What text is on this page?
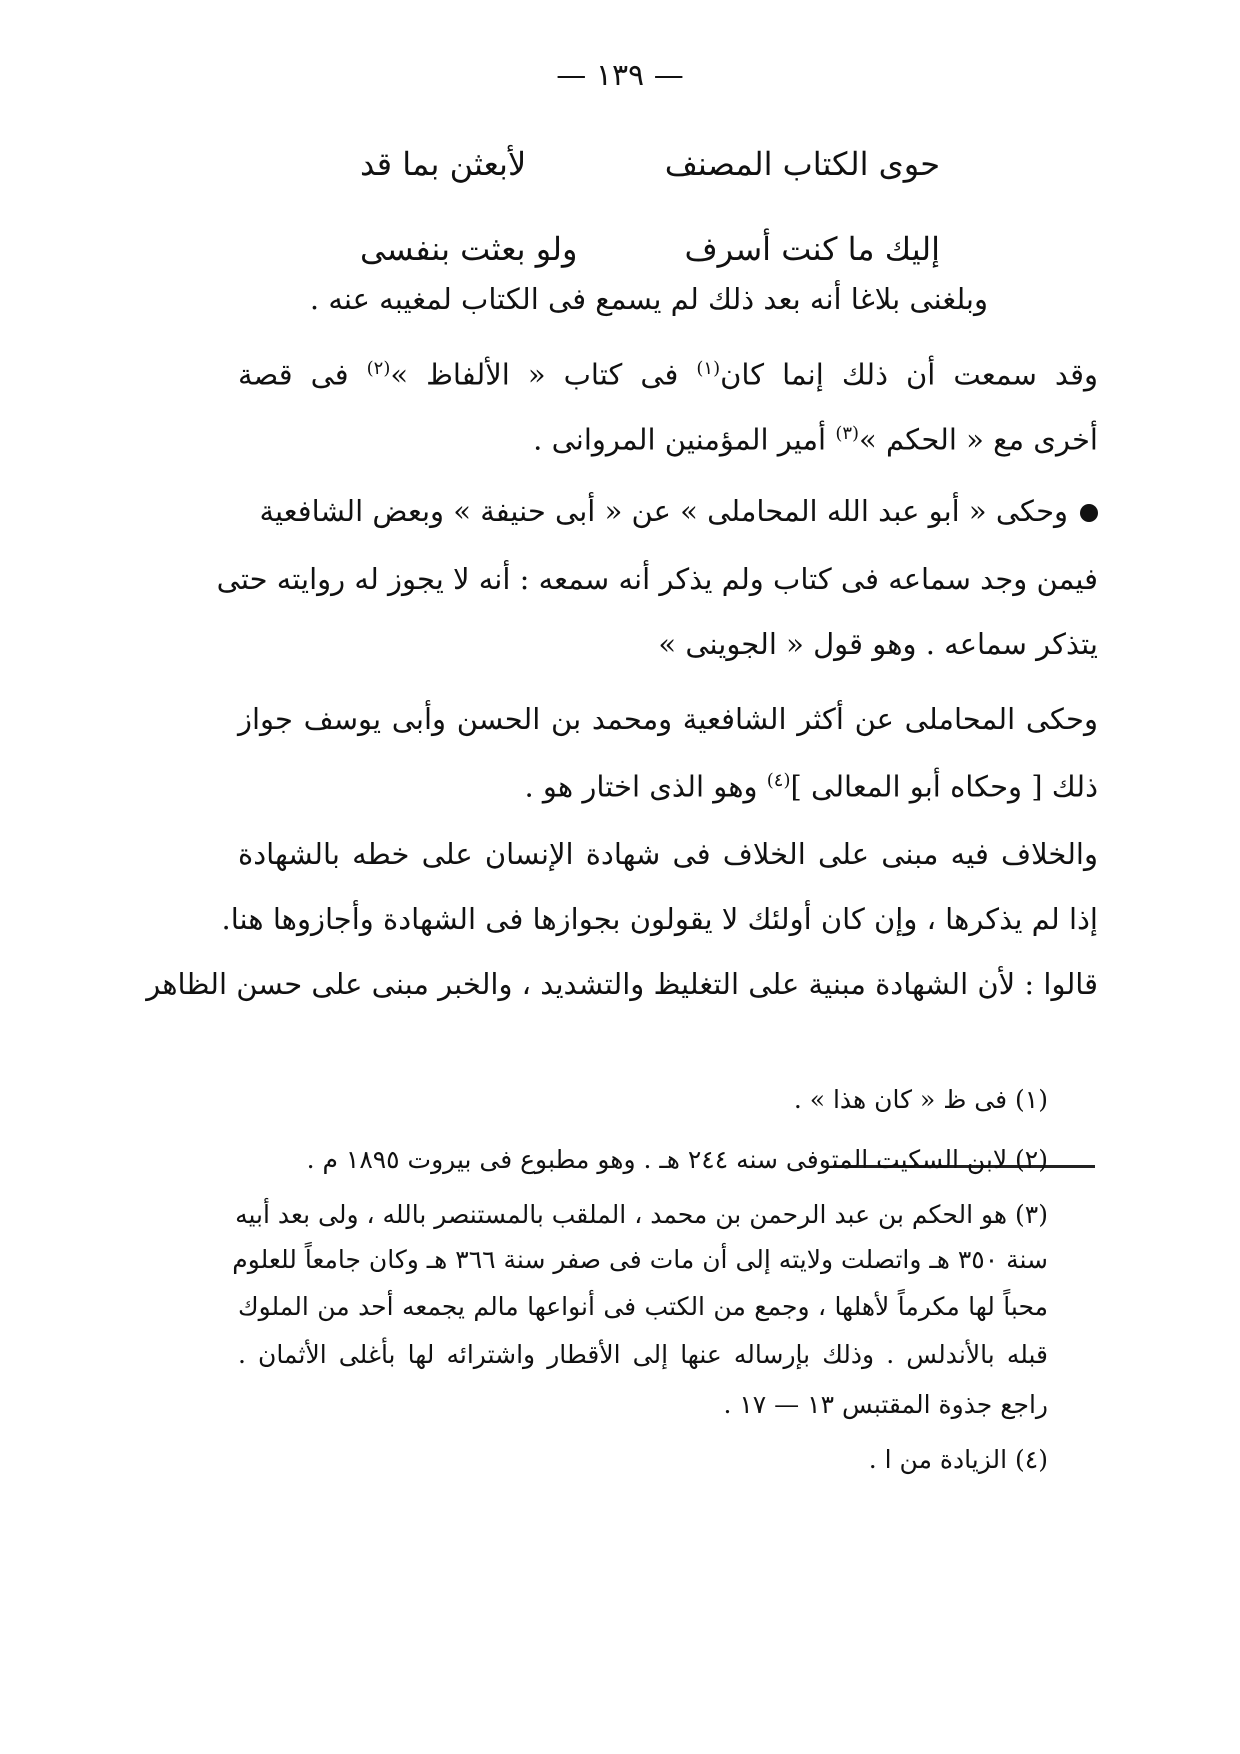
— ١٣٩ —
لأبعثن بما قد	حوى الكتاب المصنف
ولو بعثت بنفسى	إليك ما كنت أسرف
وبلغنى بلاغا أنه بعد ذلك لم يسمع فى الكتاب لمغيبه عنه .
وقد سمعت أن ذلك إنما كان$^{(١)}$ فى كتاب « الألفاظ »$^{(٢)}$ فى قصة
أخرى مع « الحكم »$^{(٣)}$ أمير المؤمنين المروانى .
وحكى « أبو عبد الله المحاملى » عن « أبى حنيفة » وبعض الشافعية
فيمن وجد سماعه فى كتاب ولم يذكر أنه سمعه : أنه لا يجوز له روايته حتى
يتذكر سماعه . وهو قول « الجوينى »
وحكى المحاملى عن أكثر الشافعية ومحمد بن الحسن وأبى يوسف جواز
ذلك [ وحكاه أبو المعالى ]$^{(٤)}$ وهو الذى اختار هو .
والخلاف فيه مبنى على الخلاف فى شهادة الإنسان على خطه بالشهادة
إذا لم يذكرها ، وإن كان أولئك لا يقولون بجوازها فى الشهادة وأجازوها هنا.
قالوا : لأن الشهادة مبنية على التغليظ والتشديد ، والخبر مبنى على حسن الظاهر
(١) فى ظ « كان هذا » .
(٢) لابن السكيت المتوفى سنه ٢٤٤ هـ . وهو مطبوع فى بيروت ١٨٩٥ م .
(٣) هو الحكم بن عبد الرحمن بن محمد ، الملقب بالمستنصر بالله ، ولى بعد أبيه
سنة ٣٥٠ هـ واتصلت ولايته إلى أن مات فى صفر سنة ٣٦٦ هـ وكان جامعاً للعلوم
محباً لها مكرماً لأهلها ، وجمع من الكتب فى أنواعها مالم يجمعه أحد من الملوك
قبله بالأندلس . وذلك بإرساله عنها إلى الأقطار واشترائه لها بأغلى الأثمان .
راجع جذوة المقتبس ١٣ — ١٧ .
(٤) الزيادة من ا .
